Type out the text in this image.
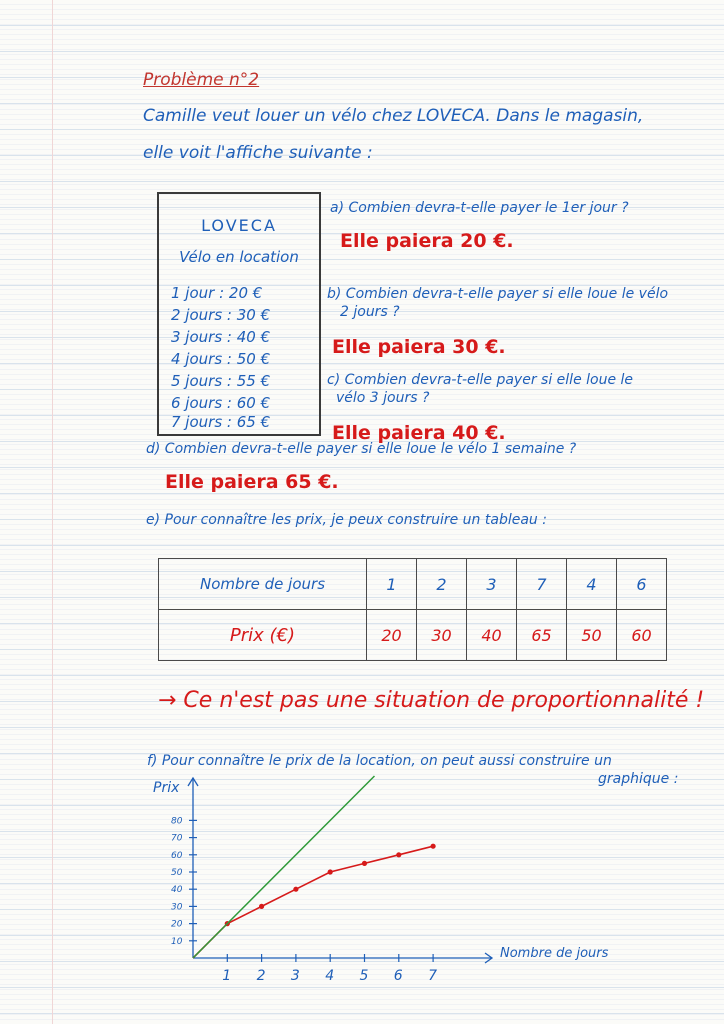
Problème n°2
Camille veut louer un vélo chez LOVECA. Dans le magasin,
elle voit l'affiche suivante :
LOVECA
Vélo en location
1 jour : 20 €
2 jours : 30 €
3 jours : 40 €
4 jours : 50 €
5 jours : 55 €
6 jours : 60 €
7 jours : 65 €
a) Combien devra-t-elle payer le 1er jour ?
Elle paiera 20 €.
b) Combien devra-t-elle payer si elle loue le vélo
2 jours ?
Elle paiera 30 €.
c) Combien devra-t-elle payer si elle loue le
vélo 3 jours ?
Elle paiera 40 €.
d) Combien devra-t-elle payer si elle loue le vélo 1 semaine ?
Elle paiera 65 €.
e) Pour connaître les prix, je peux construire un tableau :
Nombre de jours	1	2	3	7	4	6
Prix (€)	20	30	40	65	50	60
→ Ce n'est pas une situation de proportionnalité !
f) Pour connaître le prix de la location, on peut aussi construire un
graphique :
Prix
Nombre de jours
1 2 3 4 5 6 7
10
20
30
40
50
60
70
80
